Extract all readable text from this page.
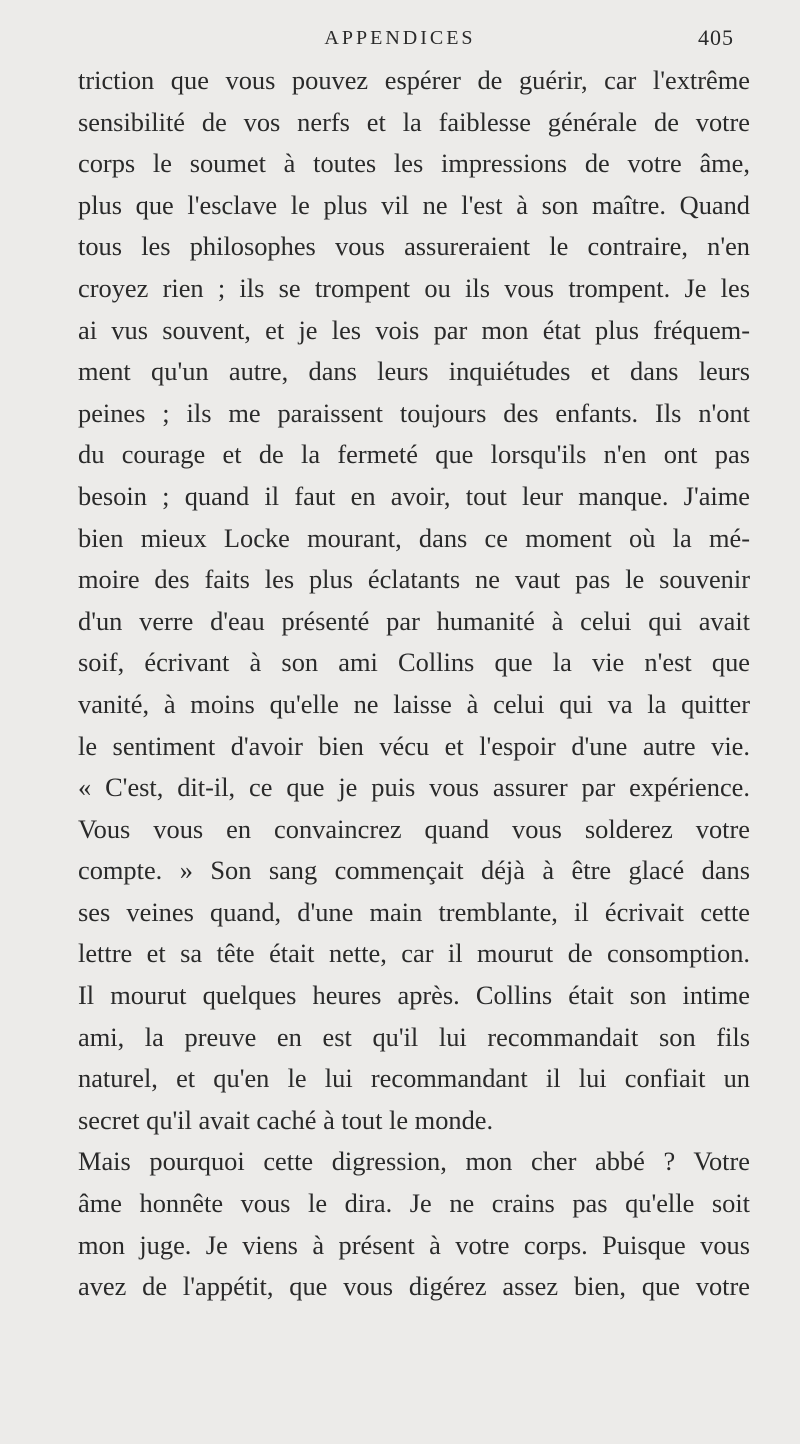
APPENDICES	405
triction que vous pouvez espérer de guérir, car l'extrême
sensibilité de vos nerfs et la faiblesse générale de votre
corps le soumet à toutes les impressions de votre âme,
plus que l'esclave le plus vil ne l'est à son maître. Quand
tous les philosophes vous assureraient le contraire, n'en
croyez rien ; ils se trompent ou ils vous trompent. Je les
ai vus souvent, et je les vois par mon état plus fréquem-
ment qu'un autre, dans leurs inquiétudes et dans leurs
peines ; ils me paraissent toujours des enfants. Ils n'ont
du courage et de la fermeté que lorsqu'ils n'en ont pas
besoin ; quand il faut en avoir, tout leur manque. J'aime
bien mieux Locke mourant, dans ce moment où la mé-
moire des faits les plus éclatants ne vaut pas le souvenir
d'un verre d'eau présenté par humanité à celui qui avait
soif, écrivant à son ami Collins que la vie n'est que
vanité, à moins qu'elle ne laisse à celui qui va la quitter
le sentiment d'avoir bien vécu et l'espoir d'une autre vie.
« C'est, dit-il, ce que je puis vous assurer par expérience.
Vous vous en convaincrez quand vous solderez votre
compte. » Son sang commençait déjà à être glacé dans
ses veines quand, d'une main tremblante, il écrivait cette
lettre et sa tête était nette, car il mourut de consomption.
Il mourut quelques heures après. Collins était son intime
ami, la preuve en est qu'il lui recommandait son fils
naturel, et qu'en le lui recommandant il lui confiait un
secret qu'il avait caché à tout le monde.
Mais pourquoi cette digression, mon cher abbé ? Votre
âme honnête vous le dira. Je ne crains pas qu'elle soit
mon juge. Je viens à présent à votre corps. Puisque vous
avez de l'appétit, que vous digérez assez bien, que votre
